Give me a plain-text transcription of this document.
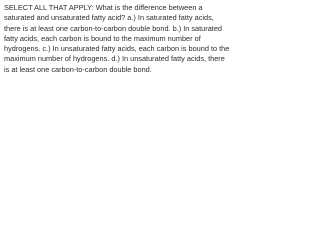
SELECT ALL THAT APPLY: What is the difference between a saturated and unsaturated fatty acid? a.) In saturated fatty acids, there is at least one carbon-to-carbon double bond. b.) In saturated fatty acids, each carbon is bound to the maximum number of hydrogens. c.) In unsaturated fatty acids, each carbon is bound to the maximum number of hydrogens. d.) In unsaturated fatty acids, there is at least one carbon-to-carbon double bond.
